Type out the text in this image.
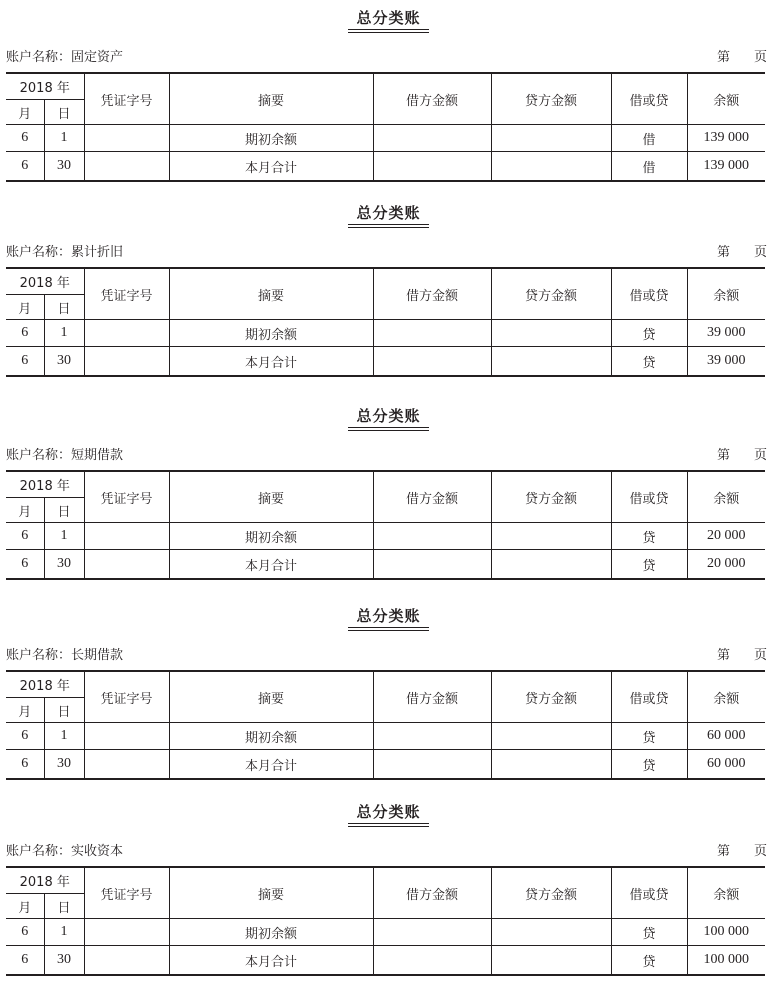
总分类账
账户名称：固定资产	第 页
2018 年		凭证字号	摘要	借方金额	贷方金额	借或贷	余额
月	日						
6	1		期初余额			借	139 000
6	30		本月合计			借	139 000
总分类账
账户名称：累计折旧	第 页
2018 年		凭证字号	摘要	借方金额	贷方金额	借或贷	余额
月	日						
6	1		期初余额			贷	39 000
6	30		本月合计			贷	39 000
总分类账
账户名称：短期借款	第 页
2018 年		凭证字号	摘要	借方金额	贷方金额	借或贷	余额
月	日						
6	1		期初余额			贷	20 000
6	30		本月合计			贷	20 000
总分类账
账户名称：长期借款	第 页
2018 年		凭证字号	摘要	借方金额	贷方金额	借或贷	余额
月	日						
6	1		期初余额			贷	60 000
6	30		本月合计			贷	60 000
总分类账
账户名称：实收资本	第 页
2018 年		凭证字号	摘要	借方金额	贷方金额	借或贷	余额
月	日						
6	1		期初余额			贷	100 000
6	30		本月合计			贷	100 000
